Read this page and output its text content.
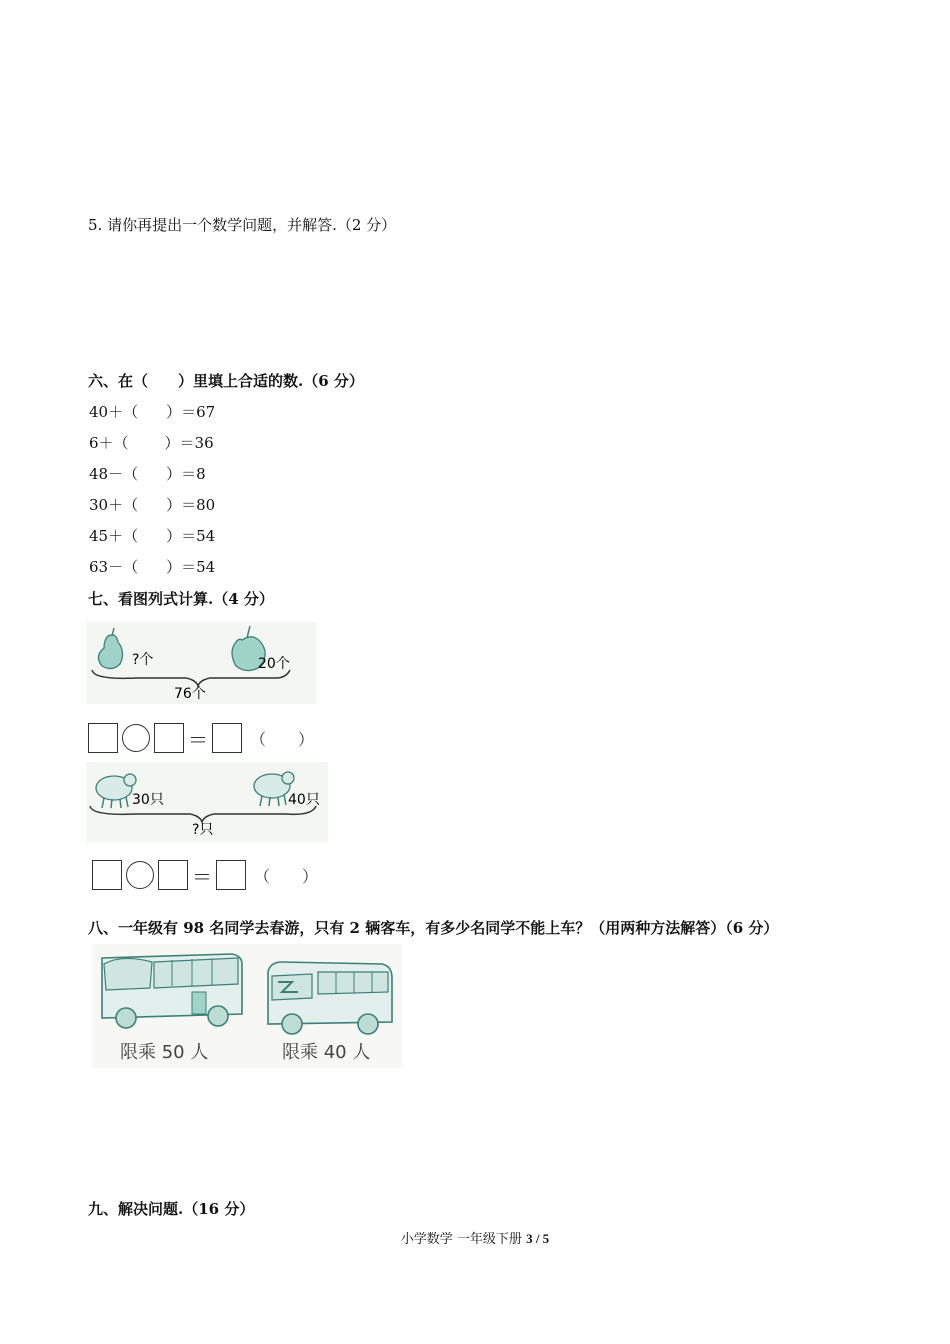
5. 请你再提出一个数学问题，并解答.（2 分）
六、在（　　）里填上合适的数.（6 分）
40＋（ ）＝67
6＋（ ）＝36
48－（ ）＝8
30＋（ ）＝80
45＋（ ）＝54
63－（ ）＝54
七、看图列式计算.（4 分）
?个	20个
76个
＝	（　　）
30只	40只
?只
＝	（　　）
八、一年级有 98 名同学去春游，只有 2 辆客车，有多少名同学不能上车？（用两种方法解答）（6 分）
限乘 50 人	限乘 40 人
九、解决问题.（16 分）
小学数学 一年级下册 3 / 5
